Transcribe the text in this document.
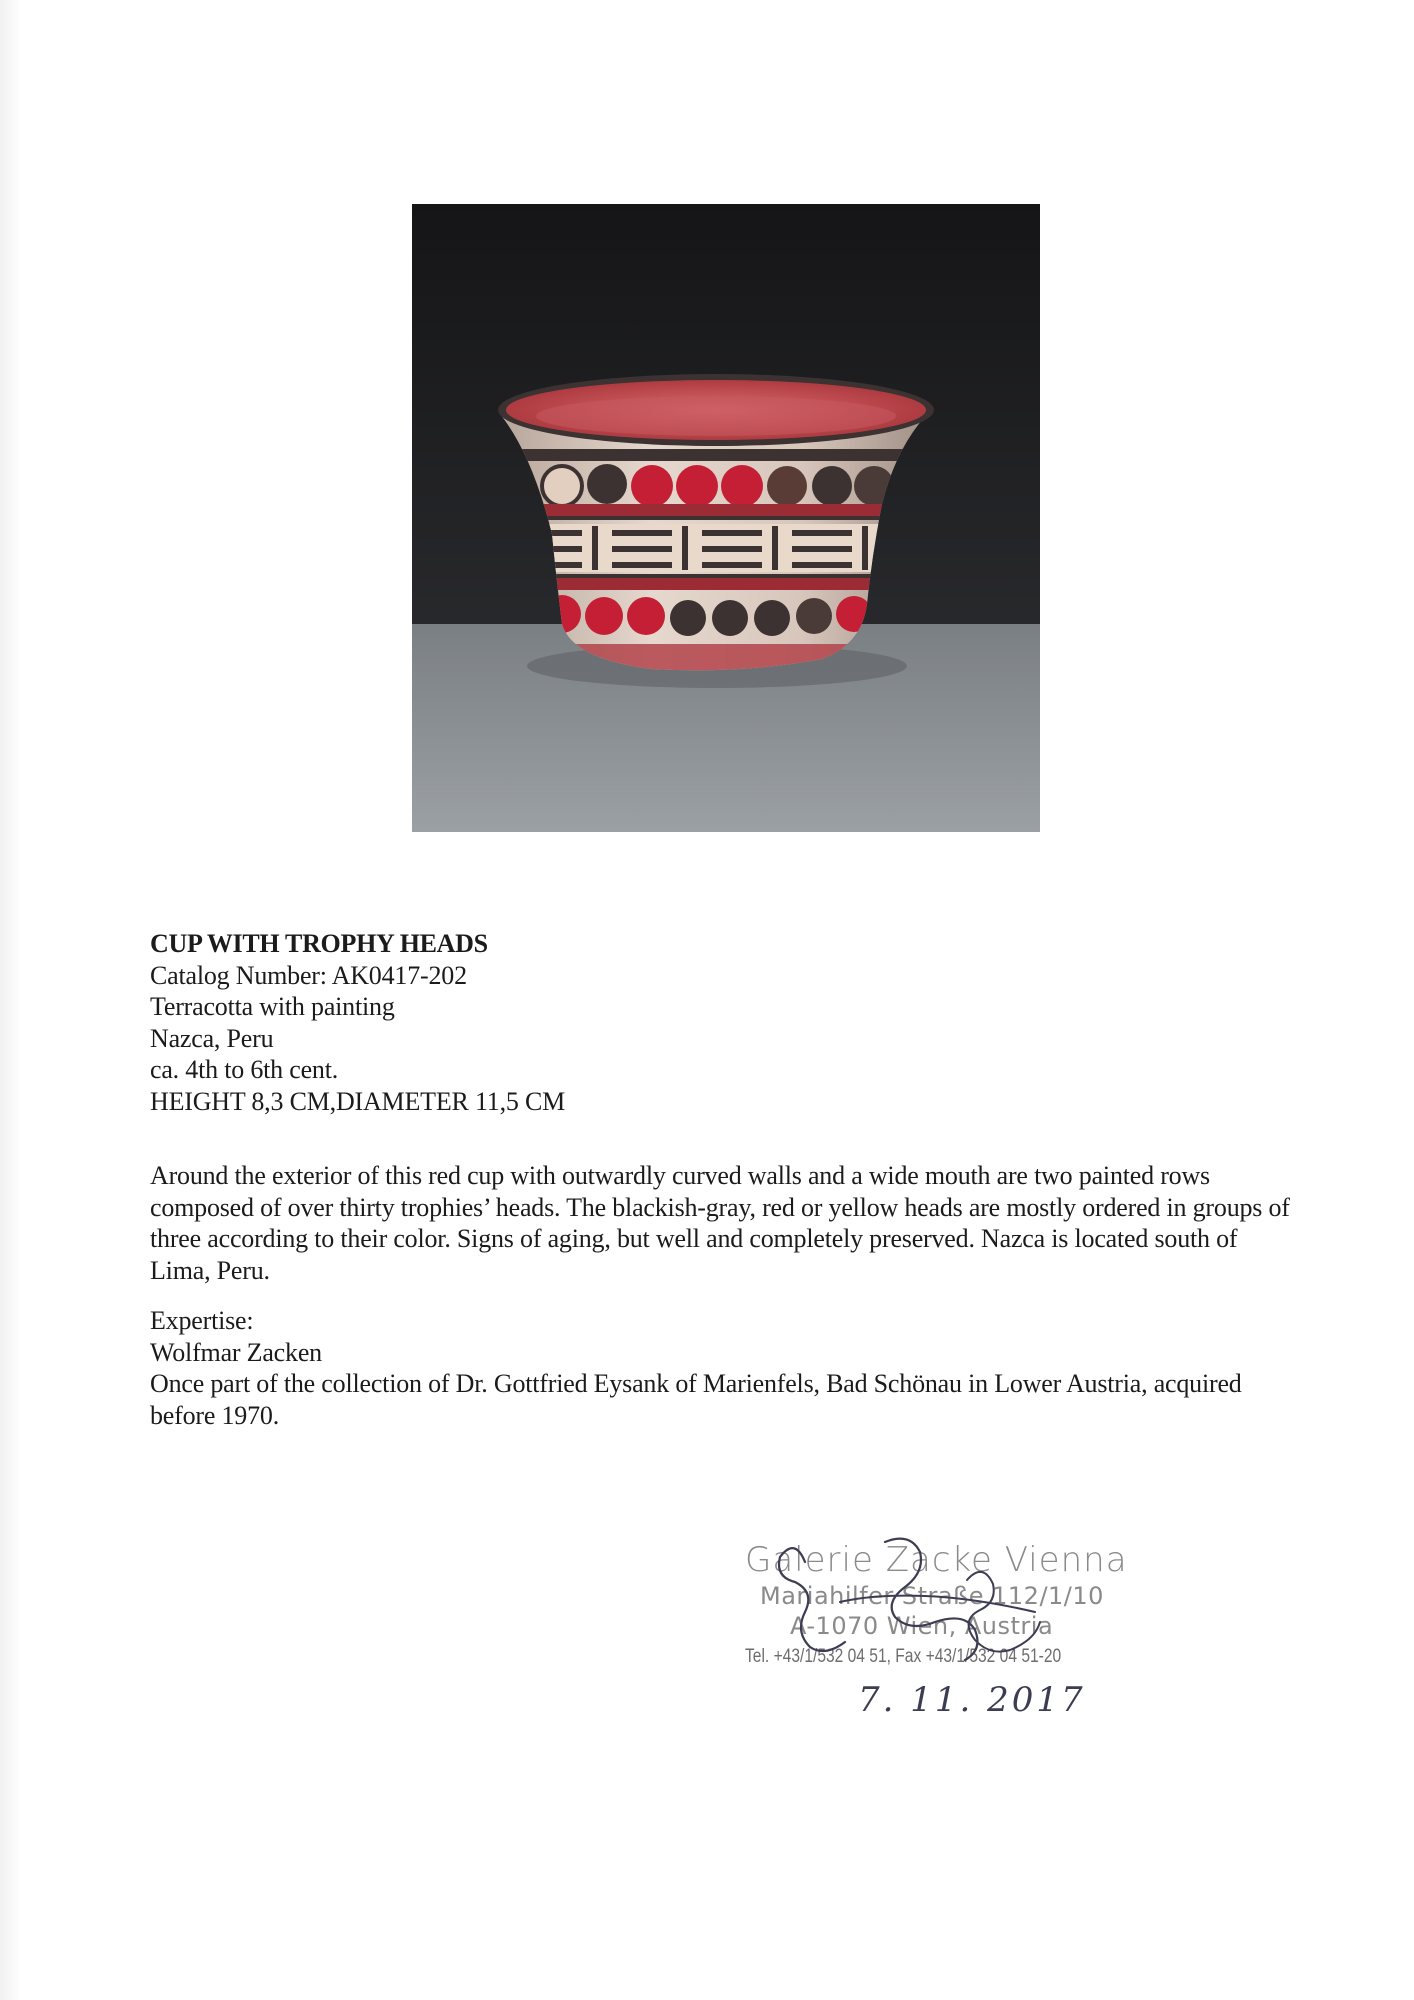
CUP WITH TROPHY HEADS
Catalog Number: AK0417-202
Terracotta with painting
Nazca, Peru
ca. 4th to 6th cent.
HEIGHT 8,3 CM,DIAMETER 11,5 CM
Around the exterior of this red cup with outwardly curved walls and a wide mouth are two painted rows composed of over thirty trophies’ heads. The blackish-gray, red or yellow heads are mostly ordered in groups of three according to their color. Signs of aging, but well and completely preserved. Nazca is located south of Lima, Peru.
Expertise:
Wolfmar Zacken
Once part of the collection of Dr. Gottfried Eysank of Marienfels, Bad Schönau in Lower Austria, acquired before 1970.
Galerie Zacke Vienna
Mariahilfer Straße 112/1/10
A-1070 Wien, Austria
Tel. +43/1/532 04 51, Fax +43/1/532 04 51-20
7. 11. 2017
